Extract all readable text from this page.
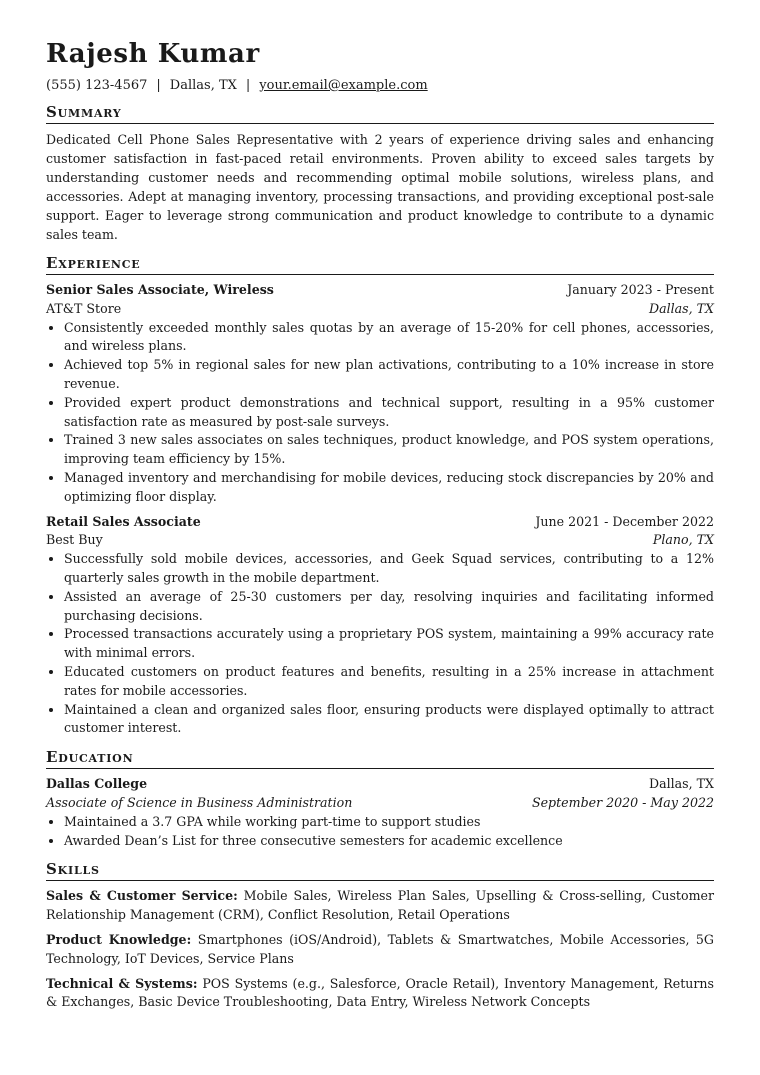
Rajesh Kumar
(555) 123-4567 | Dallas, TX | your.email@example.com
Summary
Dedicated Cell Phone Sales Representative with 2 years of experience driving sales and enhancing customer satisfaction in fast-paced retail environments. Proven ability to exceed sales targets by understanding customer needs and recommending optimal mobile solutions, wireless plans, and accessories. Adept at managing inventory, processing transactions, and providing exceptional post-sale support. Eager to leverage strong communication and product knowledge to contribute to a dynamic sales team.
Experience
Senior Sales Associate, Wireless	January 2023 - Present
AT&T Store	Dallas, TX
Consistently exceeded monthly sales quotas by an average of 15-20% for cell phones, accessories, and wireless plans.
Achieved top 5% in regional sales for new plan activations, contributing to a 10% increase in store revenue.
Provided expert product demonstrations and technical support, resulting in a 95% customer satisfaction rate as measured by post-sale surveys.
Trained 3 new sales associates on sales techniques, product knowledge, and POS system operations, improving team efficiency by 15%.
Managed inventory and merchandising for mobile devices, reducing stock discrepancies by 20% and optimizing floor display.
Retail Sales Associate	June 2021 - December 2022
Best Buy	Plano, TX
Successfully sold mobile devices, accessories, and Geek Squad services, contributing to a 12% quarterly sales growth in the mobile department.
Assisted an average of 25-30 customers per day, resolving inquiries and facilitating informed purchasing decisions.
Processed transactions accurately using a proprietary POS system, maintaining a 99% accuracy rate with minimal errors.
Educated customers on product features and benefits, resulting in a 25% increase in attachment rates for mobile accessories.
Maintained a clean and organized sales floor, ensuring products were displayed optimally to attract customer interest.
Education
Dallas College	Dallas, TX
Associate of Science in Business Administration	September 2020 - May 2022
Maintained a 3.7 GPA while working part-time to support studies
Awarded Dean’s List for three consecutive semesters for academic excellence
Skills
Sales & Customer Service: Mobile Sales, Wireless Plan Sales, Upselling & Cross-selling, Customer Relationship Management (CRM), Conflict Resolution, Retail Operations
Product Knowledge: Smartphones (iOS/Android), Tablets & Smartwatches, Mobile Accessories, 5G Technology, IoT Devices, Service Plans
Technical & Systems: POS Systems (e.g., Salesforce, Oracle Retail), Inventory Management, Returns & Exchanges, Basic Device Troubleshooting, Data Entry, Wireless Network Concepts
